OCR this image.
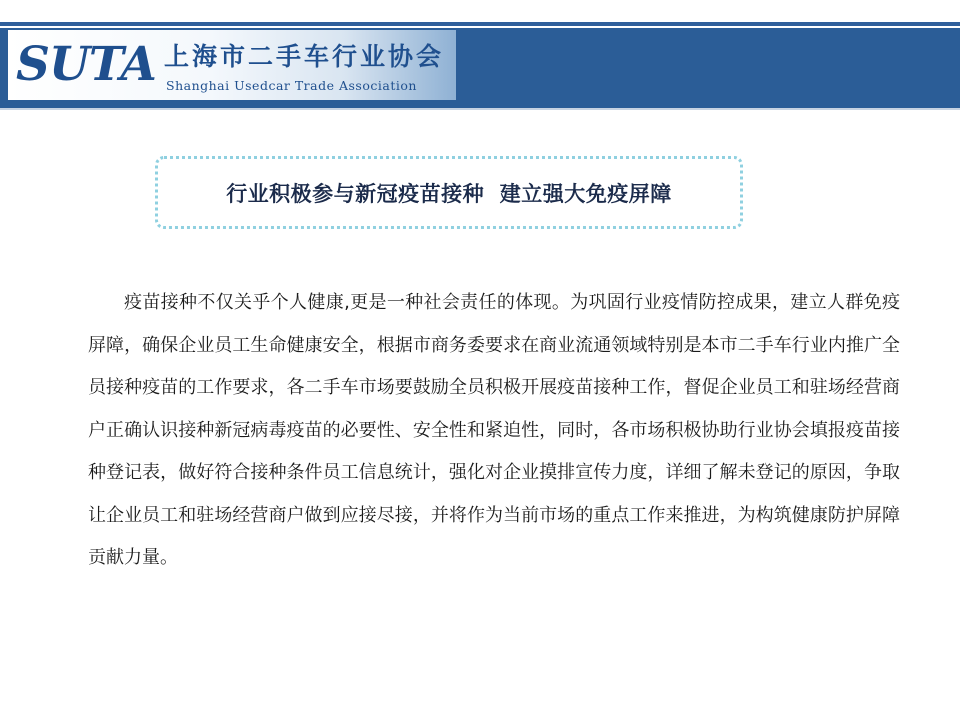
SUTA 上海市二手车行业协会
Shanghai Usedcar Trade Association
行业积极参与新冠疫苗接种  建立强大免疫屏障

疫苗接种不仅关乎个人健康,更是一种社会责任的体现。为巩固行业疫情防控成果，建立人群免疫屏障，确保企业员工生命健康安全，根据市商务委要求在商业流通领域特别是本市二手车行业内推广全员接种疫苗的工作要求，各二手车市场要鼓励全员积极开展疫苗接种工作，督促企业员工和驻场经营商户正确认识接种新冠病毒疫苗的必要性、安全性和紧迫性，同时，各市场积极协助行业协会填报疫苗接种登记表，做好符合接种条件员工信息统计，强化对企业摸排宣传力度，详细了解未登记的原因，争取让企业员工和驻场经营商户做到应接尽接，并将作为当前市场的重点工作来推进，为构筑健康防护屏障贡献力量。
